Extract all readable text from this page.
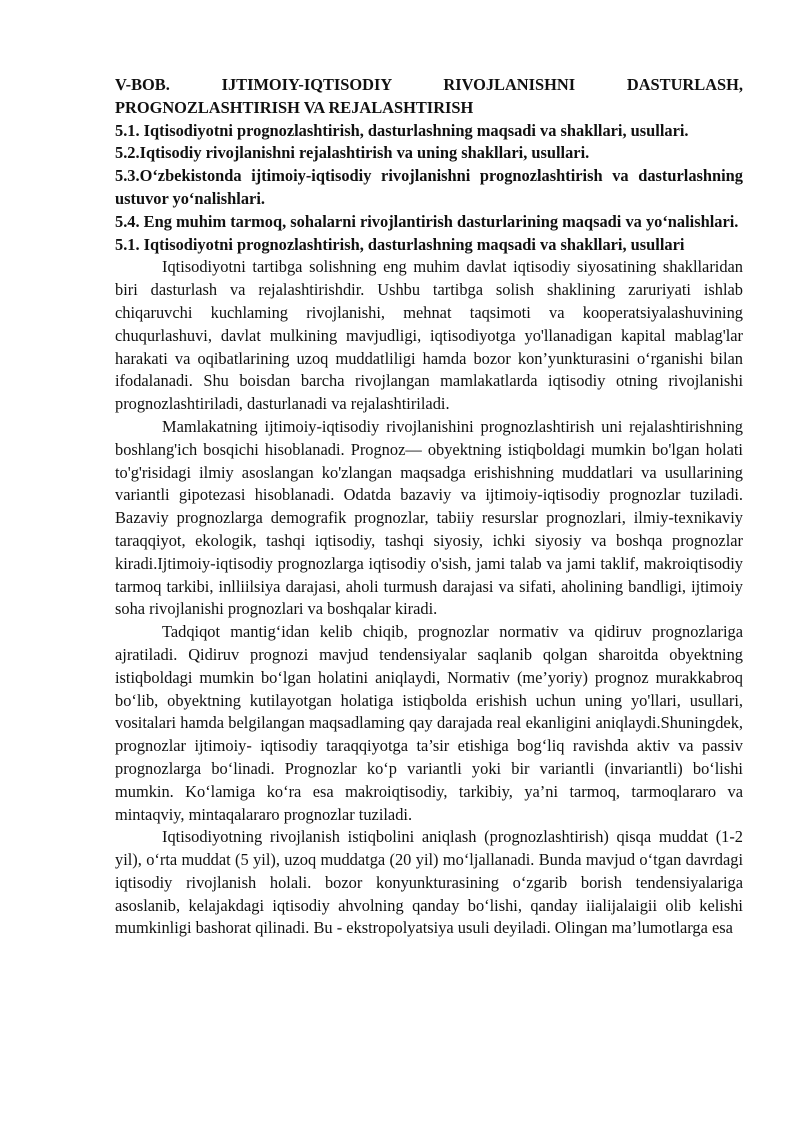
V-BOB. IJTIMOIY-IQTISODIY RIVOJLANISHNI DASTURLASH, PROGNOZLASHTIRISH VA REJALASHTIRISH

5.1. Iqtisodiyotni prognozlashtirish, dasturlashning maqsadi va shakllari, usullari.

5.2.Iqtisodiy rivojlanishni rejalashtirish va uning shakllari, usullari.

5.3.O‘zbekistonda ijtimoiy-iqtisodiy rivojlanishni prognozlashtirish va dasturlashning ustuvor yo‘nalishlari.

5.4. Eng muhim tarmoq, sohalarni rivojlantirish dasturlarining maqsadi va yo‘nalishlari.

5.1. Iqtisodiyotni prognozlashtirish, dasturlashning maqsadi va shakllari, usullari

Iqtisodiyotni tartibga solishning eng muhim davlat iqtisodiy siyosatining shakllaridan biri dasturlash va rejalashtirishdir. Ushbu tartibga solish shaklining zaruriyati ishlab chiqaruvchi kuchlaming rivojlanishi, mehnat taqsimoti va kooperatsiyalashuvining chuqurlashuvi, davlat mulkining mavjudligi, iqtisodiyotga yo'llanadigan kapital mablag'lar harakati va oqibatlarining uzoq muddatliligi hamda bozor kon’yunkturasini o‘rganishi bilan ifodalanadi. Shu boisdan barcha rivojlangan mamlakatlarda iqtisodiy otning rivojlanishi prognozlashtiriladi, dasturlanadi va rejalashtiriladi.

Mamlakatning ijtimoiy-iqtisodiy rivojlanishini prognozlashtirish uni rejalashtirishning boshlang'ich bosqichi hisoblanadi. Prognoz— obyektning istiqboldagi mumkin bo'lgan holati to'g'risidagi ilmiy asoslangan ko'zlangan maqsadga erishishning muddatlari va usullarining variantli gipotezasi hisoblanadi. Odatda bazaviy va ijtimoiy-iqtisodiy prognozlar tuziladi. Bazaviy prognozlarga demografik prognozlar, tabiiy resurslar prognozlari, ilmiy-texnikaviy taraqqiyot, ekologik, tashqi iqtisodiy, tashqi siyosiy, ichki siyosiy va boshqa prognozlar kiradi.Ijtimoiy-iqtisodiy prognozlarga iqtisodiy o'sish, jami talab va jami taklif, makroiqtisodiy tarmoq tarkibi, inlliilsiya darajasi, aholi turmush darajasi va sifati, aholining bandligi, ijtimoiy soha rivojlanishi prognozlari va boshqalar kiradi.

Tadqiqot mantig‘idan kelib chiqib, prognozlar normativ va qidiruv prognozlariga ajratiladi. Qidiruv prognozi mavjud tendensiyalar saqlanib qolgan sharoitda obyektning istiqboldagi mumkin bo‘lgan holatini aniqlaydi, Normativ (me’yoriy) prognoz murakkabroq bo‘lib, obyektning kutilayotgan holatiga istiqbolda erishish uchun uning yo'llari, usullari, vositalari hamda belgilangan maqsadlaming qay darajada real ekanligini aniqlaydi.Shuningdek, prognozlar ijtimoiy- iqtisodiy taraqqiyotga ta’sir etishiga bog‘liq ravishda aktiv va passiv prognozlarga bo‘linadi. Prognozlar ko‘p variantli yoki bir variantli (invariantli) bo‘lishi mumkin. Ko‘lamiga ko‘ra esa makroiqtisodiy, tarkibiy, ya’ni tarmoq, tarmoqlararo va mintaqviy, mintaqalararo prognozlar tuziladi.

Iqtisodiyotning rivojlanish istiqbolini aniqlash (prognozlashtirish) qisqa muddat (1-2 yil), o‘rta muddat (5 yil), uzoq muddatga (20 yil) mo‘ljallanadi. Bunda mavjud o‘tgan davrdagi iqtisodiy rivojlanish holali. bozor konyunkturasining o‘zgarib borish tendensiyalariga asoslanib, kelajakdagi iqtisodiy ahvolning qanday bo‘lishi, qanday iialijalaigii olib kelishi mumkinligi bashorat qilinadi. Bu - ekstropolyatsiya usuli deyiladi. Olingan ma’lumotlarga esa
